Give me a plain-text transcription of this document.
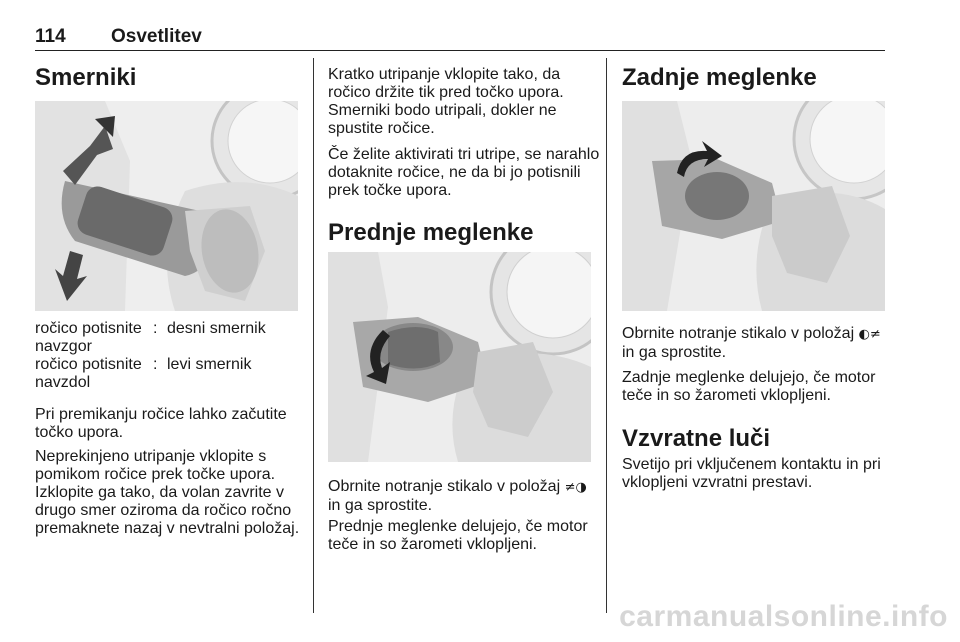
114 Osvetlitev
Smerniki
ročico potisnite navzgor	:	desni smernik
ročico potisnite navzdol	:	levi smernik

Pri premikanju ročice lahko začutite točko upora.

Neprekinjeno utripanje vklopite s pomikom ročice prek točke upora. Izklopite ga tako, da volan zavrite v drugo smer oziroma da ročico ročno premaknete nazaj v nevtralni položaj.

Kratko utripanje vklopite tako, da ročico držite tik pred točko upora. Smerniki bodo utripali, dokler ne spustite ročice.

Če želite aktivirati tri utripe, se narahlo dotaknite ročice, ne da bi jo potisnili prek točke upora.

Prednje meglenke

Obrnite notranje stikalo v položaj ≠◑ in ga sprostite.

Prednje meglenke delujejo, če motor teče in so žarometi vklopljeni.

Zadnje meglenke

Obrnite notranje stikalo v položaj ◐≠ in ga sprostite.

Zadnje meglenke delujejo, če motor teče in so žarometi vklopljeni.

Vzvratne luči

Svetijo pri vključenem kontaktu in pri vklopljeni vzvratni prestavi.

carmanualsonline.info
